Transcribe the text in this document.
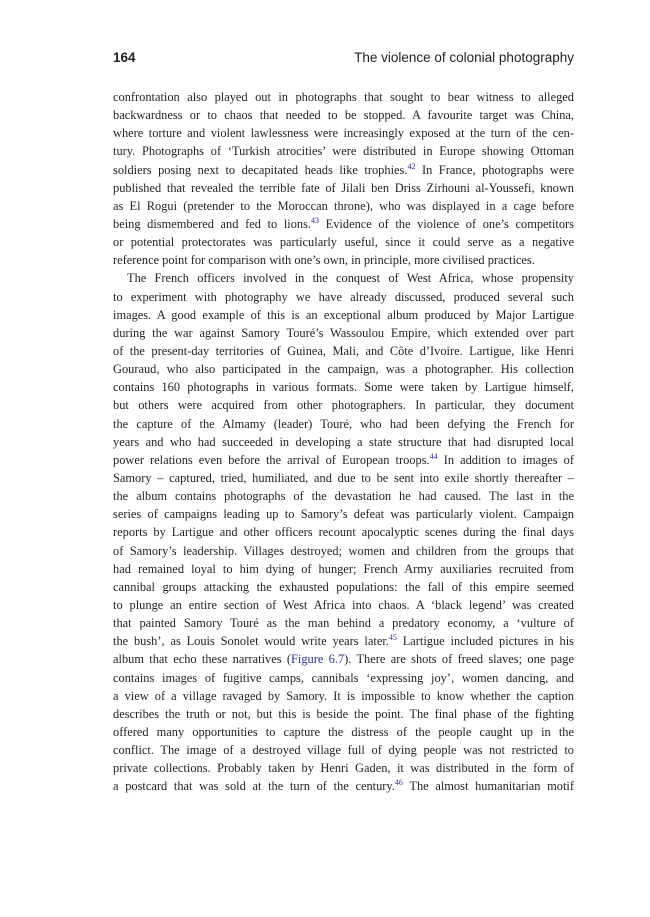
164	The violence of colonial photography
confrontation also played out in photographs that sought to bear witness to alleged
backwardness or to chaos that needed to be stopped. A favourite target was China,
where torture and violent lawlessness were increasingly exposed at the turn of the cen-
tury. Photographs of ‘Turkish atrocities’ were distributed in Europe showing Ottoman
soldiers posing next to decapitated heads like trophies.$^{42}$ In France, photographs were
published that revealed the terrible fate of Jilali ben Driss Zirhouni al-Youssefi, known
as El Rogui (pretender to the Moroccan throne), who was displayed in a cage before
being dismembered and fed to lions.$^{43}$ Evidence of the violence of one’s competitors
or potential protectorates was particularly useful, since it could serve as a negative
reference point for comparison with one’s own, in principle, more civilised practices.
The French officers involved in the conquest of West Africa, whose propensity
to experiment with photography we have already discussed, produced several such
images. A good example of this is an exceptional album produced by Major Lartigue
during the war against Samory Touré’s Wassoulou Empire, which extended over part
of the present-day territories of Guinea, Mali, and Côte d’Ivoire. Lartigue, like Henri
Gouraud, who also participated in the campaign, was a photographer. His collection
contains 160 photographs in various formats. Some were taken by Lartigue himself,
but others were acquired from other photographers. In particular, they document
the capture of the Almamy (leader) Touré, who had been defying the French for
years and who had succeeded in developing a state structure that had disrupted local
power relations even before the arrival of European troops.$^{44}$ In addition to images of
Samory – captured, tried, humiliated, and due to be sent into exile shortly thereafter –
the album contains photographs of the devastation he had caused. The last in the
series of campaigns leading up to Samory’s defeat was particularly violent. Campaign
reports by Lartigue and other officers recount apocalyptic scenes during the final days
of Samory’s leadership. Villages destroyed; women and children from the groups that
had remained loyal to him dying of hunger; French Army auxiliaries recruited from
cannibal groups attacking the exhausted populations: the fall of this empire seemed
to plunge an entire section of West Africa into chaos. A ‘black legend’ was created
that painted Samory Touré as the man behind a predatory economy, a ‘vulture of
the bush’, as Louis Sonolet would write years later.$^{45}$ Lartigue included pictures in his
album that echo these narratives (Figure 6.7). There are shots of freed slaves; one page
contains images of fugitive camps, cannibals ‘expressing joy’, women dancing, and
a view of a village ravaged by Samory. It is impossible to know whether the caption
describes the truth or not, but this is beside the point. The final phase of the fighting
offered many opportunities to capture the distress of the people caught up in the
conflict. The image of a destroyed village full of dying people was not restricted to
private collections. Probably taken by Henri Gaden, it was distributed in the form of
a postcard that was sold at the turn of the century.$^{46}$ The almost humanitarian motif
